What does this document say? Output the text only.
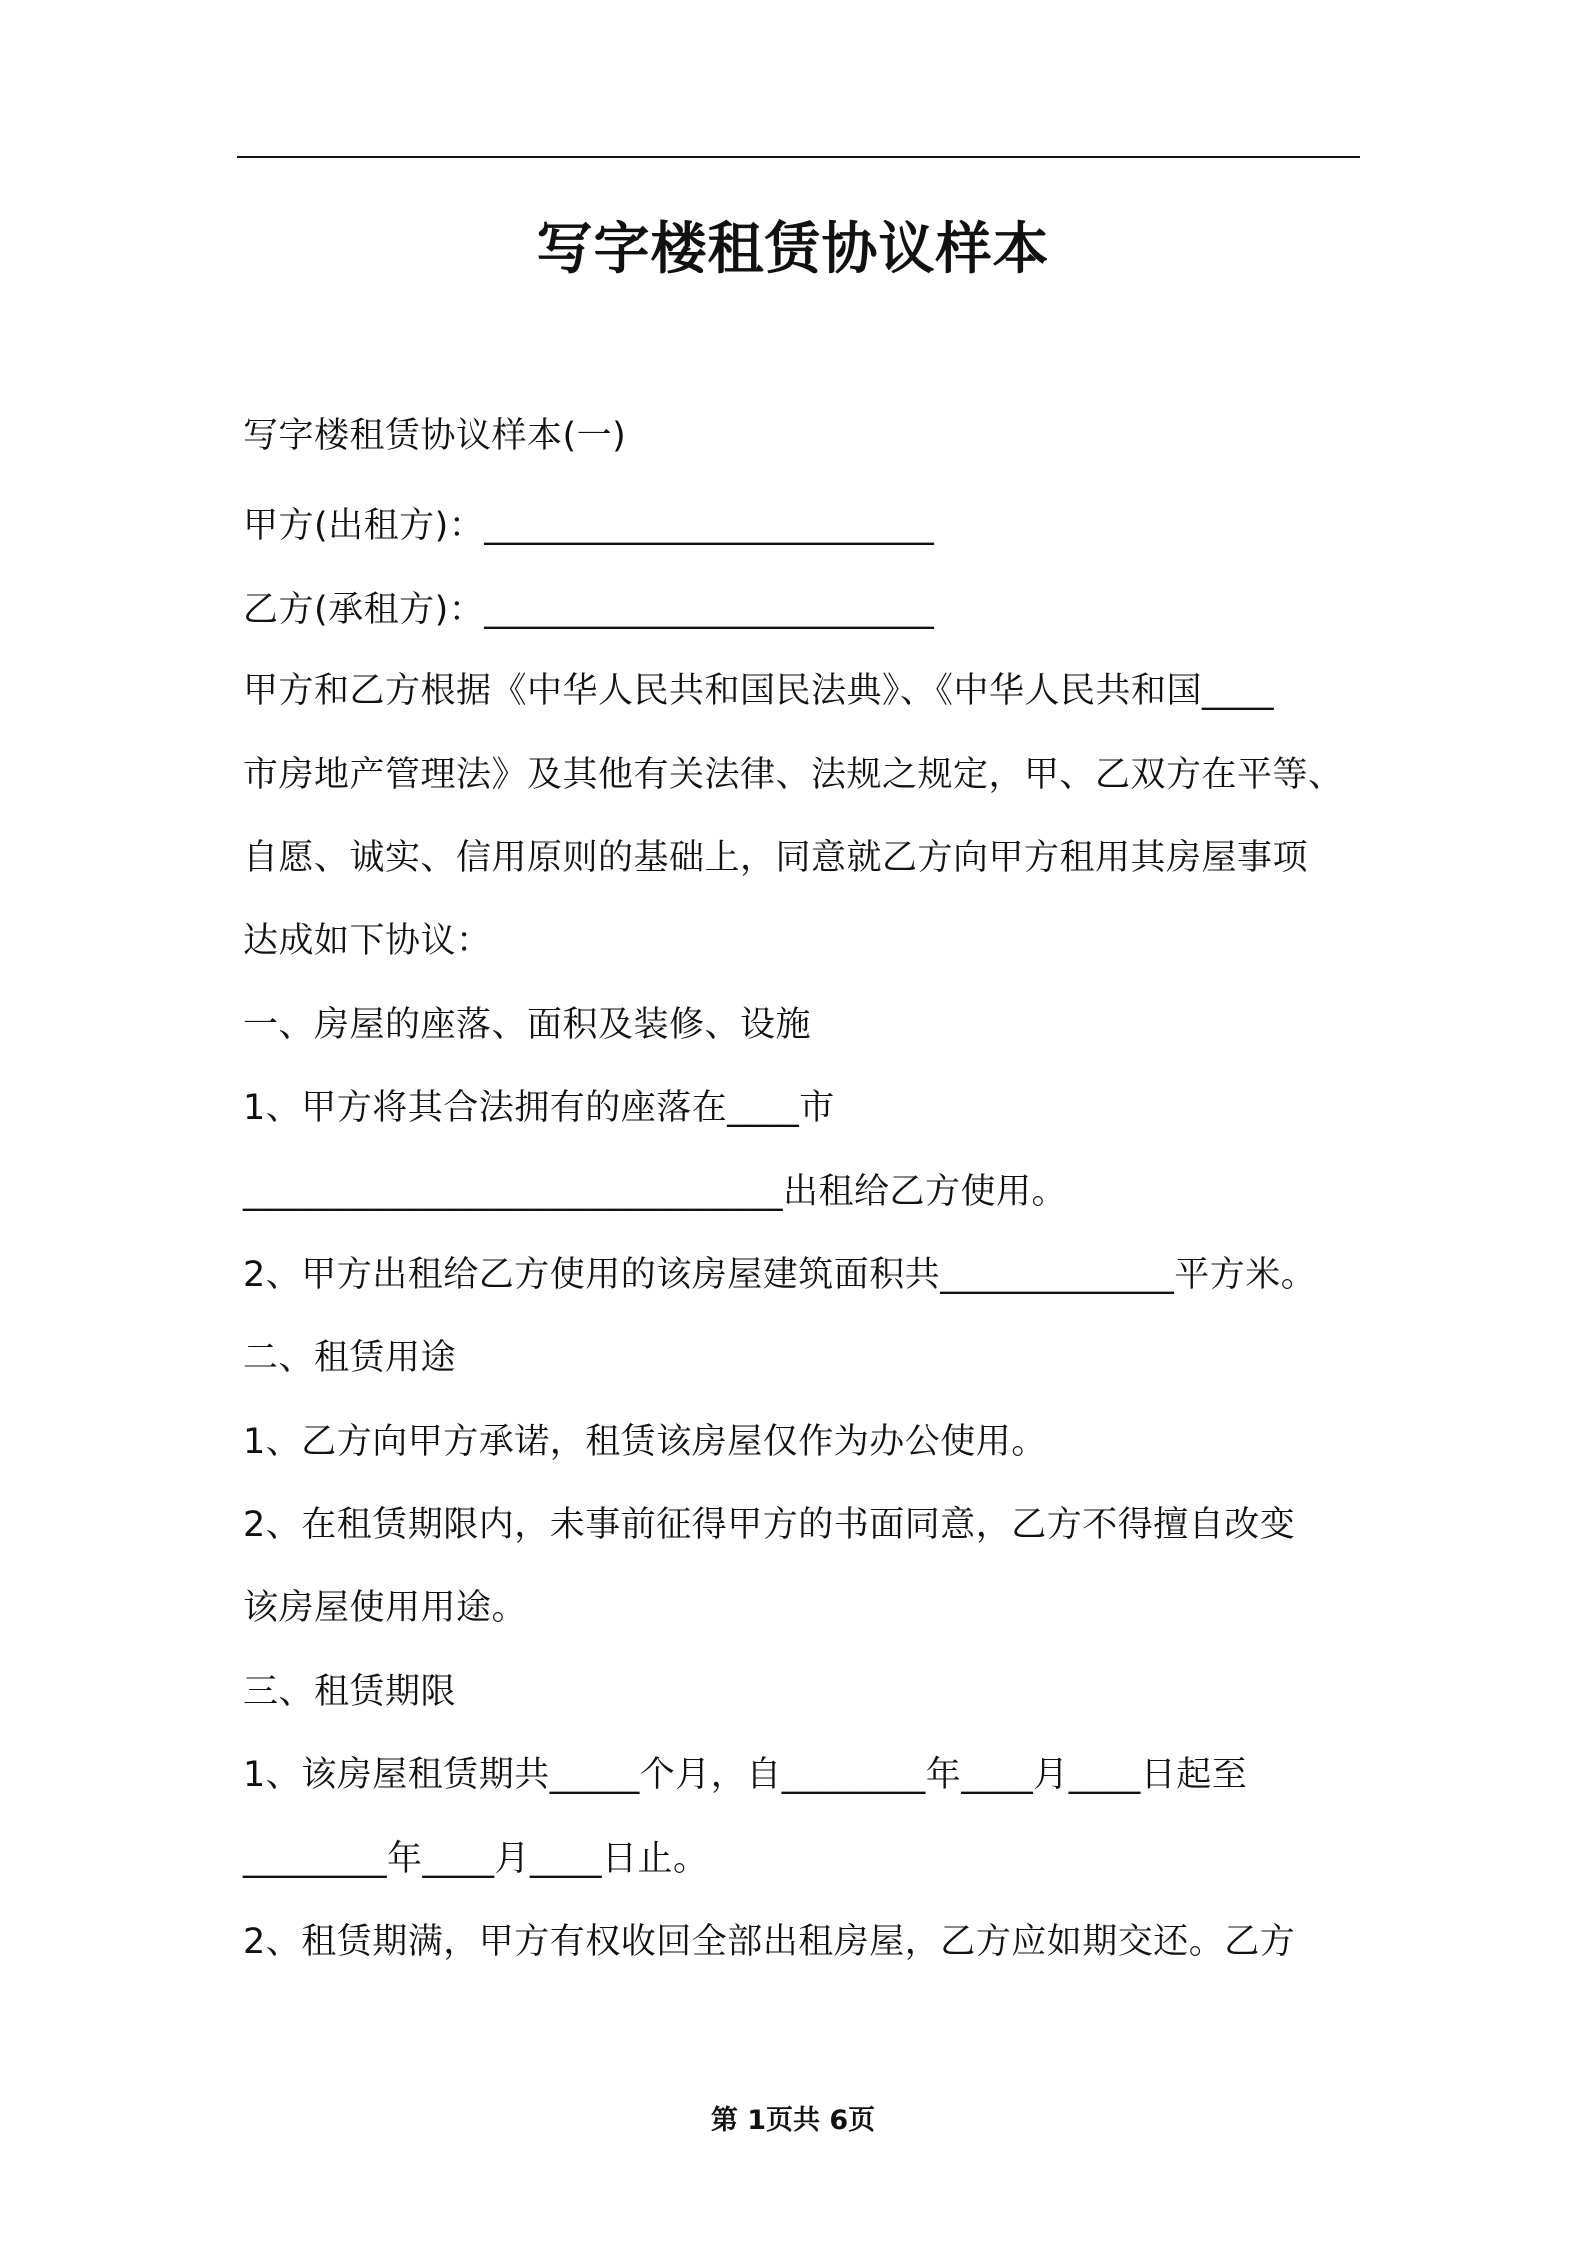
写字楼租赁协议样本
写字楼租赁协议样本(一)
甲方(出租方)：_________________________
乙方(承租方)：_________________________
甲方和乙方根据《中华人民共和国民法典》、《中华人民共和国____
市房地产管理法》及其他有关法律、法规之规定，甲、乙双方在平等、
自愿、诚实、信用原则的基础上，同意就乙方向甲方租用其房屋事项
达成如下协议：
一、房屋的座落、面积及装修、设施
1、甲方将其合法拥有的座落在____市
______________________________出租给乙方使用。
2、甲方出租给乙方使用的该房屋建筑面积共_____________平方米。
二、租赁用途
1、乙方向甲方承诺，租赁该房屋仅作为办公使用。
2、在租赁期限内，未事前征得甲方的书面同意，乙方不得擅自改变
该房屋使用用途。
三、租赁期限
1、该房屋租赁期共_____个月，自________年____月____日起至
________年____月____日止。
2、租赁期满，甲方有权收回全部出租房屋，乙方应如期交还。乙方
第 1页共 6页
